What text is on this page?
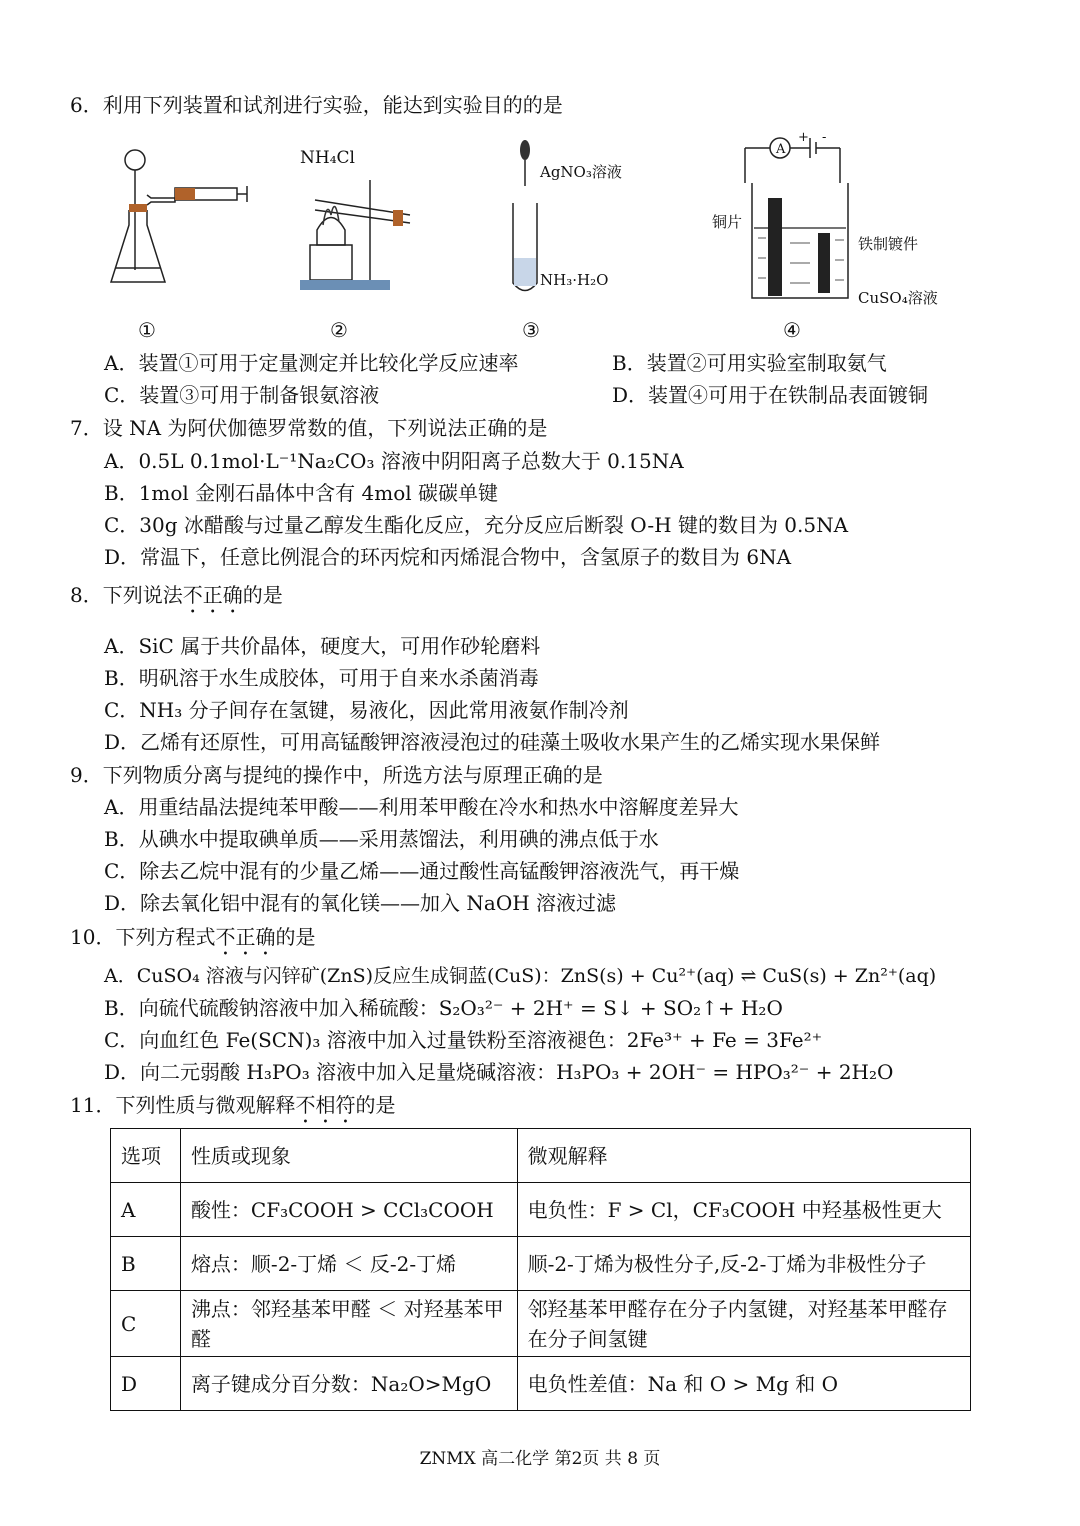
6．利用下列装置和试剂进行实验，能达到实验目的的是
①
NH₄Cl
②
AgNO₃溶液
NH₃·H₂O
③
A
+ -
铜片
铁制镀件
CuSO₄溶液
④
A．装置①可用于定量测定并比较化学反应速率	B．装置②可用实验室制取氨气
C．装置③可用于制备银氨溶液	D．装置④可用于在铁制品表面镀铜
7．设 NA 为阿伏伽德罗常数的值，下列说法正确的是
A．0.5L 0.1mol·L⁻¹Na₂CO₃ 溶液中阴阳离子总数大于 0.15NA
B．1mol 金刚石晶体中含有 4mol 碳碳单键
C．30g 冰醋酸与过量乙醇发生酯化反应，充分反应后断裂 O-H 键的数目为 0.5NA
D．常温下，任意比例混合的环丙烷和丙烯混合物中，含氢原子的数目为 6NA
8．下列说法不正确的是
A．SiC 属于共价晶体，硬度大，可用作砂轮磨料
B．明矾溶于水生成胶体，可用于自来水杀菌消毒
C．NH₃ 分子间存在氢键，易液化，因此常用液氨作制冷剂
D．乙烯有还原性，可用高锰酸钾溶液浸泡过的硅藻土吸收水果产生的乙烯实现水果保鲜
9．下列物质分离与提纯的操作中，所选方法与原理正确的是
A．用重结晶法提纯苯甲酸——利用苯甲酸在冷水和热水中溶解度差异大
B．从碘水中提取碘单质——采用蒸馏法，利用碘的沸点低于水
C．除去乙烷中混有的少量乙烯——通过酸性高锰酸钾溶液洗气，再干燥
D．除去氧化铝中混有的氧化镁——加入 NaOH 溶液过滤
10．下列方程式不正确的是
A．CuSO₄ 溶液与闪锌矿(ZnS)反应生成铜蓝(CuS)：ZnS(s) + Cu²⁺(aq) ⇌ CuS(s) + Zn²⁺(aq)
B．向硫代硫酸钠溶液中加入稀硫酸：S₂O₃²⁻ + 2H⁺ = S↓ + SO₂↑+ H₂O
C．向血红色 Fe(SCN)₃ 溶液中加入过量铁粉至溶液褪色：2Fe³⁺ + Fe = 3Fe²⁺
D．向二元弱酸 H₃PO₃ 溶液中加入足量烧碱溶液：H₃PO₃ + 2OH⁻ = HPO₃²⁻ + 2H₂O
11．下列性质与微观解释不相符的是
选项	性质或现象	微观解释
A	酸性：CF₃COOH > CCl₃COOH	电负性：F > Cl，CF₃COOH 中羟基极性更大
B	熔点：顺-2-丁烯 ＜ 反-2-丁烯	顺-2-丁烯为极性分子,反-2-丁烯为非极性分子
C	沸点：邻羟基苯甲醛 ＜ 对羟基苯甲醛	邻羟基苯甲醛存在分子内氢键，对羟基苯甲醛存在分子间氢键
D	离子键成分百分数：Na₂O>MgO	电负性差值：Na 和 O > Mg 和 O
ZNMX 高二化学 第2页 共 8 页
